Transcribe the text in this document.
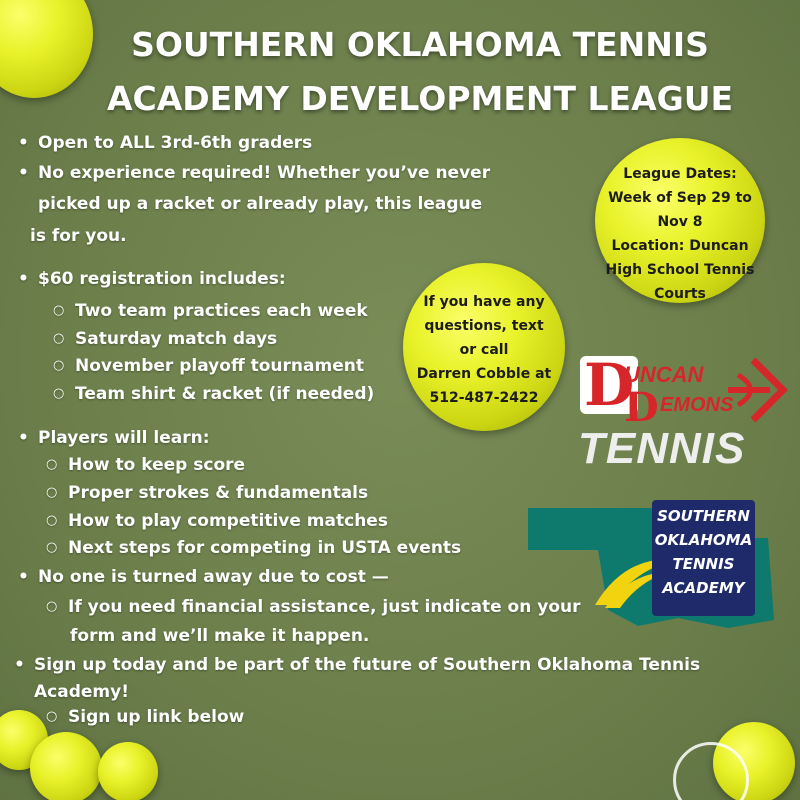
SOUTHERN OKLAHOMA TENNIS
ACADEMY DEVELOPMENT LEAGUE
• Open to ALL 3rd-6th graders
• No experience required! Whether you’ve never
picked up a racket or already play, this league
is for you.
• $60 registration includes:
○ Two team practices each week
○ Saturday match days
○ November playoff tournament
○ Team shirt & racket (if needed)
• Players will learn:
○ How to keep score
○ Proper strokes & fundamentals
○ How to play competitive matches
○ Next steps for competing in USTA events
• No one is turned away due to cost —
○ If you need financial assistance, just indicate on your
form and we’ll make it happen.
• Sign up today and be part of the future of Southern Oklahoma Tennis
Academy!
○ Sign up link below
League Dates:
Week of Sep 29 to
Nov 8
Location: Duncan
High School Tennis
Courts
If you have any
questions, text
or call
Darren Cobble at
512-487-2422 D
UNCAN
D EMONS
TENNIS
SOUTHERN
OKLAHOMA
TENNIS
ACADEMY
